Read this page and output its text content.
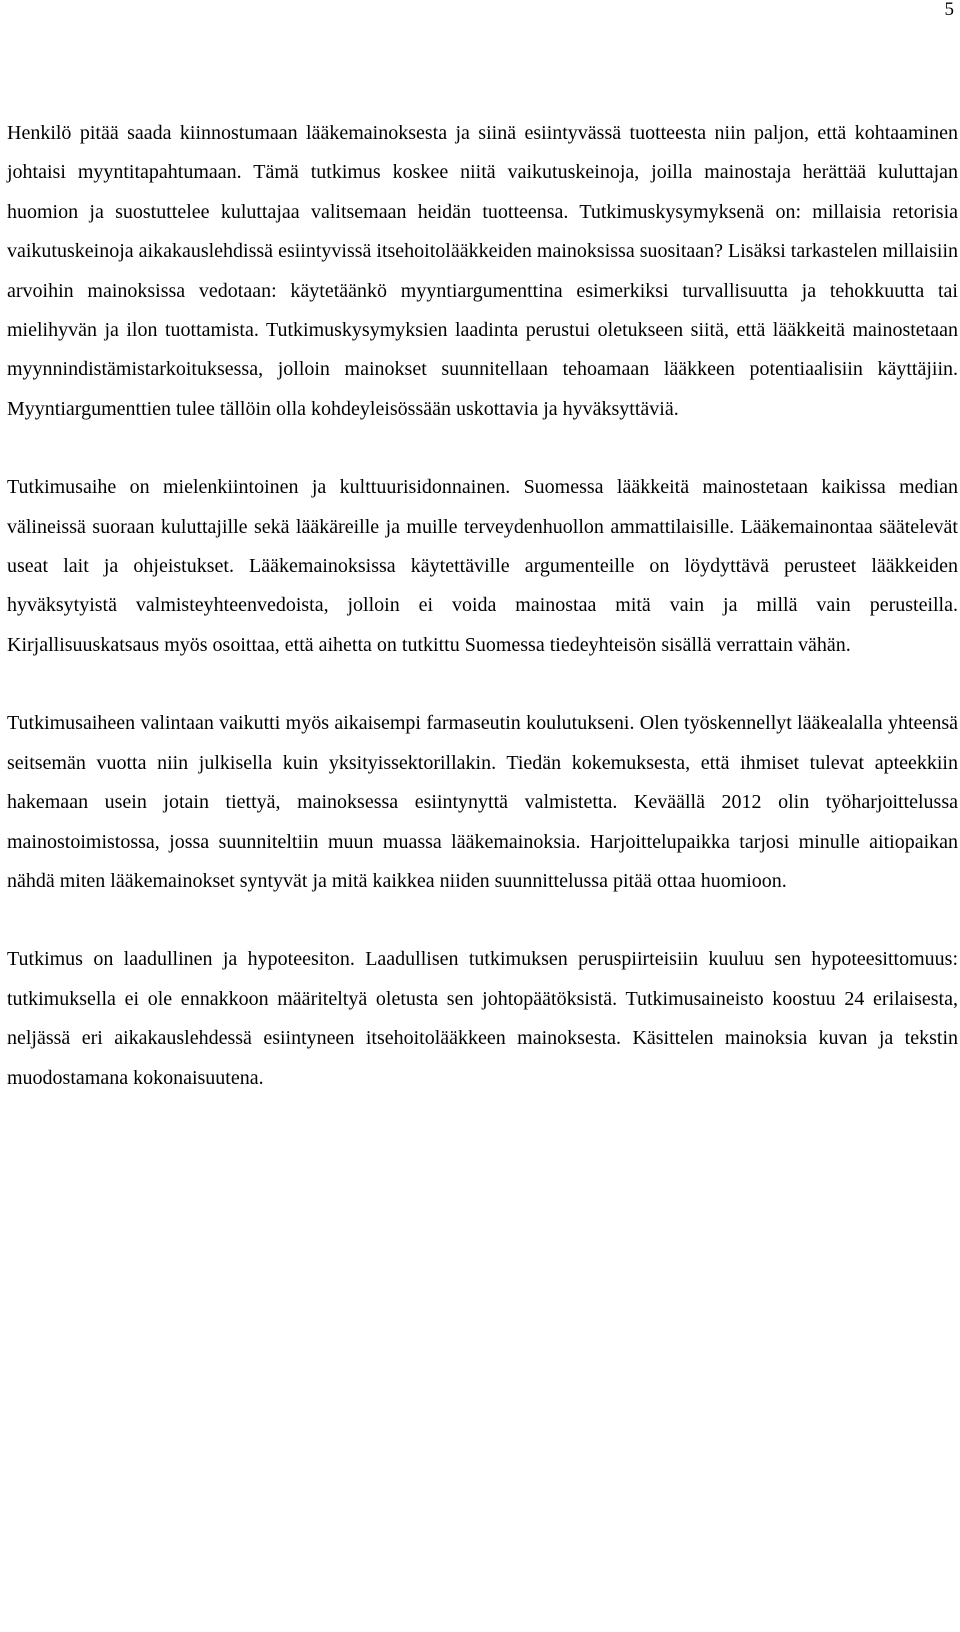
5

Henkilö pitää saada kiinnostumaan lääkemainoksesta ja siinä esiintyvässä tuotteesta niin paljon, että kohtaaminen johtaisi myyntitapahtumaan. Tämä tutkimus koskee niitä vaikutuskeinoja, joilla mainostaja herättää kuluttajan huomion ja suostuttelee kuluttajaa valitsemaan heidän tuotteensa. Tutkimuskysymyksenä on: millaisia retorisia vaikutuskeinoja aikakauslehdissä esiintyvissä itsehoitolääkkeiden mainoksissa suositaan? Lisäksi tarkastelen millaisiin arvoihin mainoksissa vedotaan: käytetäänkö myyntiargumenttina esimerkiksi turvallisuutta ja tehokkuutta tai mielihyvän ja ilon tuottamista. Tutkimuskysymyksien laadinta perustui oletukseen siitä, että lääkkeitä mainostetaan myynnindistämistarkoituksessa, jolloin mainokset suunnitellaan tehoamaan lääkkeen potentiaalisiin käyttäjiin. Myyntiargumenttien tulee tällöin olla kohdeyleisössään uskottavia ja hyväksyttäviä.

Tutkimusaihe on mielenkiintoinen ja kulttuurisidonnainen. Suomessa lääkkeitä mainostetaan kaikissa median välineissä suoraan kuluttajille sekä lääkäreille ja muille terveydenhuollon ammattilaisille. Lääkemainontaa säätelevät useat lait ja ohjeistukset. Lääkemainoksissa käytettäville argumenteille on löydyttävä perusteet lääkkeiden hyväksytyistä valmisteyhteenvedoista, jolloin ei voida mainostaa mitä vain ja millä vain perusteilla. Kirjallisuuskatsaus myös osoittaa, että aihetta on tutkittu Suomessa tiedeyhteisön sisällä verrattain vähän.

Tutkimusaiheen valintaan vaikutti myös aikaisempi farmaseutin koulutukseni. Olen työskennellyt lääkealalla yhteensä seitsemän vuotta niin julkisella kuin yksityissektorillakin. Tiedän kokemuksesta, että ihmiset tulevat apteekkiin hakemaan usein jotain tiettyä, mainoksessa esiintynyttä valmistetta. Keväällä 2012 olin työharjoittelussa mainostoimistossa, jossa suunniteltiin muun muassa lääkemainoksia. Harjoittelupaikka tarjosi minulle aitiopaikan nähdä miten lääkemainokset syntyvät ja mitä kaikkea niiden suunnittelussa pitää ottaa huomioon.

Tutkimus on laadullinen ja hypoteesiton. Laadullisen tutkimuksen peruspiirteisiin kuuluu sen hypoteesittomuus: tutkimuksella ei ole ennakkoon määriteltyä oletusta sen johtopäätöksistä. Tutkimusaineisto koostuu 24 erilaisesta, neljässä eri aikakauslehdessä esiintyneen itsehoitolääkkeen mainoksesta. Käsittelen mainoksia kuvan ja tekstin muodostamana kokonaisuutena.
